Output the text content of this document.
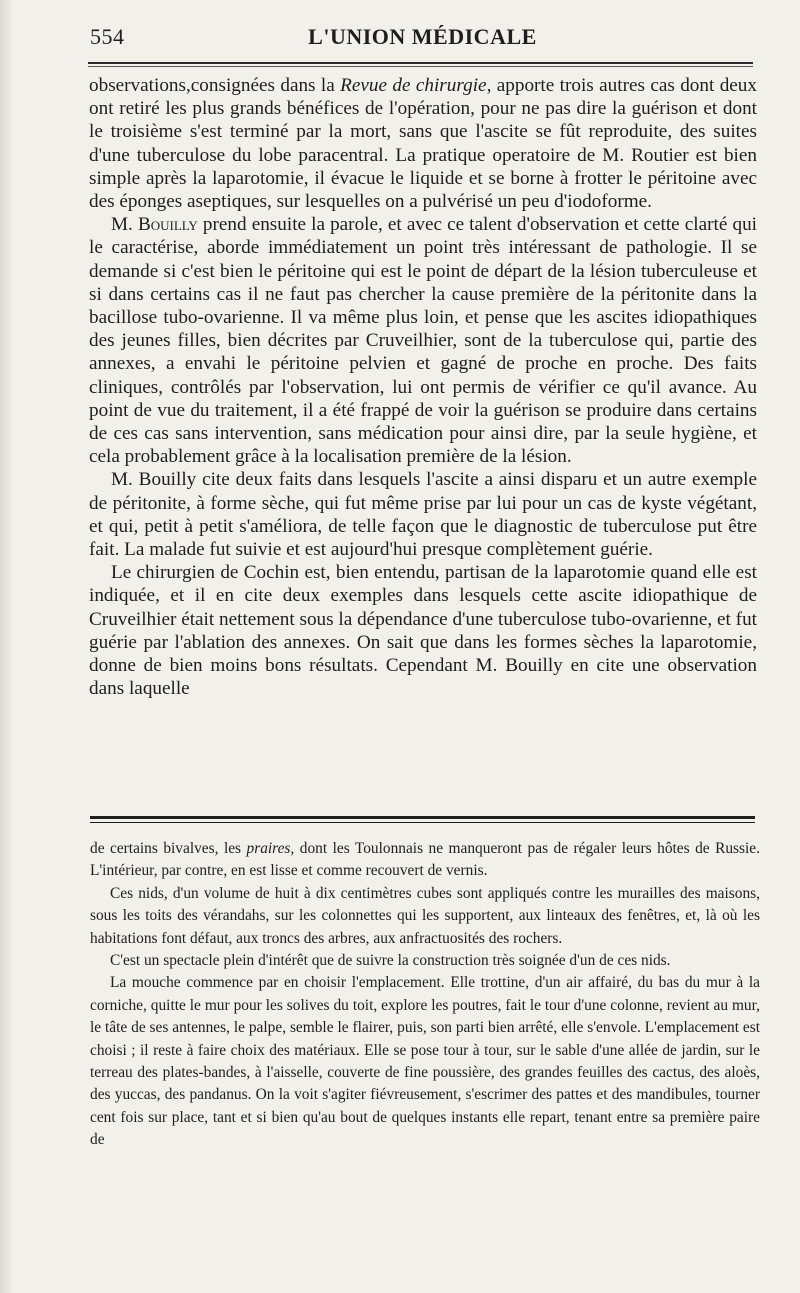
554	L'UNION MÉDICALE

observations,consignées dans la Revue de chirurgie, apporte trois autres cas dont deux ont retiré les plus grands bénéfices de l'opération, pour ne pas dire la guérison et dont le troisième s'est terminé par la mort, sans que l'ascite se fût reproduite, des suites d'une tuberculose du lobe paracentral. La pratique operatoire de M. Routier est bien simple après la laparotomie, il évacue le liquide et se borne à frotter le péritoine avec des éponges aseptiques, sur lesquelles on a pulvérisé un peu d'iodoforme.

M. Bouilly prend ensuite la parole, et avec ce talent d'observation et cette clarté qui le caractérise, aborde immédiatement un point très intéressant de pathologie. Il se demande si c'est bien le péritoine qui est le point de départ de la lésion tuberculeuse et si dans certains cas il ne faut pas chercher la cause première de la péritonite dans la bacillose tubo-ovarienne. Il va même plus loin, et pense que les ascites idiopathiques des jeunes filles, bien décrites par Cruveilhier, sont de la tuberculose qui, partie des annexes, a envahi le péritoine pelvien et gagné de proche en proche. Des faits cliniques, contrôlés par l'observation, lui ont permis de vérifier ce qu'il avance. Au point de vue du traitement, il a été frappé de voir la guérison se produire dans certains de ces cas sans intervention, sans médication pour ainsi dire, par la seule hygiène, et cela probablement grâce à la localisation première de la lésion.

M. Bouilly cite deux faits dans lesquels l'ascite a ainsi disparu et un autre exemple de péritonite, à forme sèche, qui fut même prise par lui pour un cas de kyste végétant, et qui, petit à petit s'améliora, de telle façon que le diagnostic de tuberculose put être fait. La malade fut suivie et est aujourd'hui presque complètement guérie.

Le chirurgien de Cochin est, bien entendu, partisan de la laparotomie quand elle est indiquée, et il en cite deux exemples dans lesquels cette ascite idiopathique de Cruveilhier était nettement sous la dépendance d'une tuberculose tubo-ovarienne, et fut guérie par l'ablation des annexes. On sait que dans les formes sèches la laparotomie, donne de bien moins bons résultats. Cependant M. Bouilly en cite une observation dans laquelle

de certains bivalves, les praires, dont les Toulonnais ne manqueront pas de régaler leurs hôtes de Russie. L'intérieur, par contre, en est lisse et comme recouvert de vernis.

Ces nids, d'un volume de huit à dix centimètres cubes sont appliqués contre les murailles des maisons, sous les toits des vérandahs, sur les colonnettes qui les supportent, aux linteaux des fenêtres, et, là où les habitations font défaut, aux troncs des arbres, aux anfractuosités des rochers.

C'est un spectacle plein d'intérêt que de suivre la construction très soignée d'un de ces nids.

La mouche commence par en choisir l'emplacement. Elle trottine, d'un air affairé, du bas du mur à la corniche, quitte le mur pour les solives du toit, explore les poutres, fait le tour d'une colonne, revient au mur, le tâte de ses antennes, le palpe, semble le flairer, puis, son parti bien arrêté, elle s'envole. L'emplacement est choisi ; il reste à faire choix des matériaux. Elle se pose tour à tour, sur le sable d'une allée de jardin, sur le terreau des plates-bandes, à l'aisselle, couverte de fine poussière, des grandes feuilles des cactus, des aloès, des yuccas, des pandanus. On la voit s'agiter fiévreusement, s'escrimer des pattes et des mandibules, tourner cent fois sur place, tant et si bien qu'au bout de quelques instants elle repart, tenant entre sa première paire de
